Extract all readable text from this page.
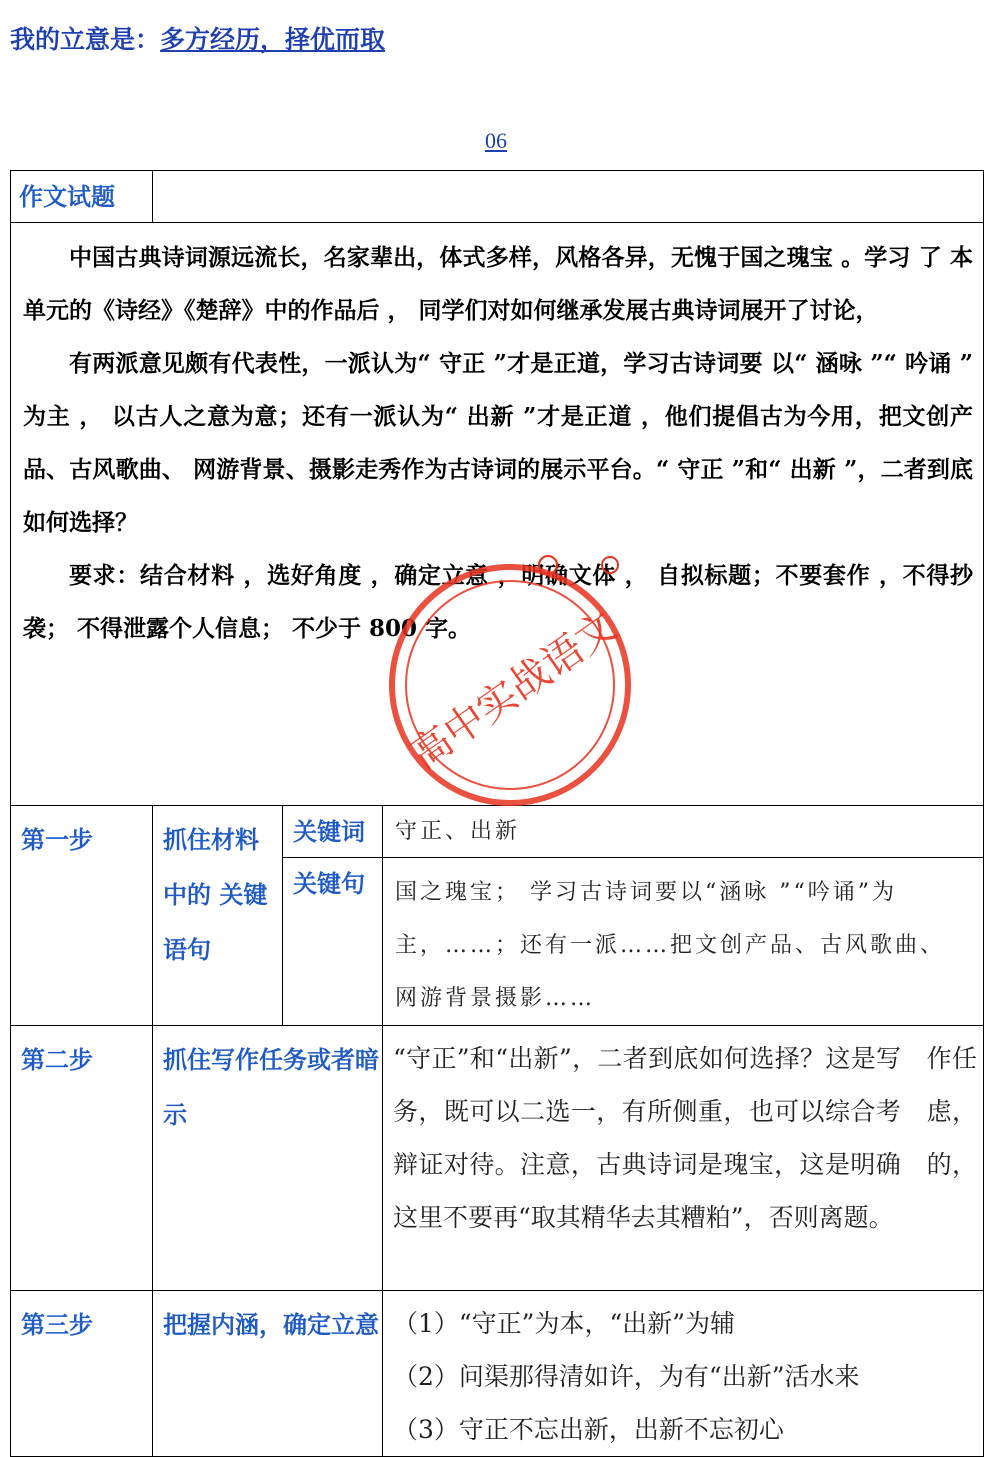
我的立意是：多方经历，择优而取
06
作文试题			

中国古典诗词源远流长，名家辈出，体式多样，风格各异，无愧于国之瑰宝 。学习 了 本单元的《诗经》《楚辞》中的作品后 ， 同学们对如何继承发展古典诗词展开了讨论，

有两派意见颇有代表性，一派认为“ 守正 ”才是正道，学习古诗词要 以“ 涵咏 ”“ 吟诵 ” 为主 ， 以古人之意为意；还有一派认为“ 出新 ”才是正道 ，他们提倡古为今用，把文创产品、古风歌曲、 网游背景、摄影走秀作为古诗词的展示平台。“ 守正 ”和“ 出新 ”，二者到底如何选择？

要求：结合材料 ，选好角度 ，确定立意 ，明确文体 ， 自拟标题；不要套作 ，不得抄袭； 不得泄露个人信息； 不少于 800 字。			

第一步	抓住材料中的 关键语句	关键词	守正、出新
		关键句	国之瑰宝； 学习古诗词要以“涵咏 ”“吟诵”为 主，……；还有一派……把文创产品、古风歌曲、 网游背景摄影……
第二步	抓住写作任务或者暗示		“守正”和“出新”，二者到底如何选择？这是写　作任务，既可以二选一，有所侧重，也可以综合考　虑，辩证对待。注意，古典诗词是瑰宝，这是明确　的，这里不要再“取其精华去其糟粕”，否则离题。
第三步	把握内涵，确定立意		（1）“守正”为本，“出新”为辅

（2）问渠那得清如许，为有“出新”活水来

（3）守正不忘出新，出新不忘初心

高中实战语文
